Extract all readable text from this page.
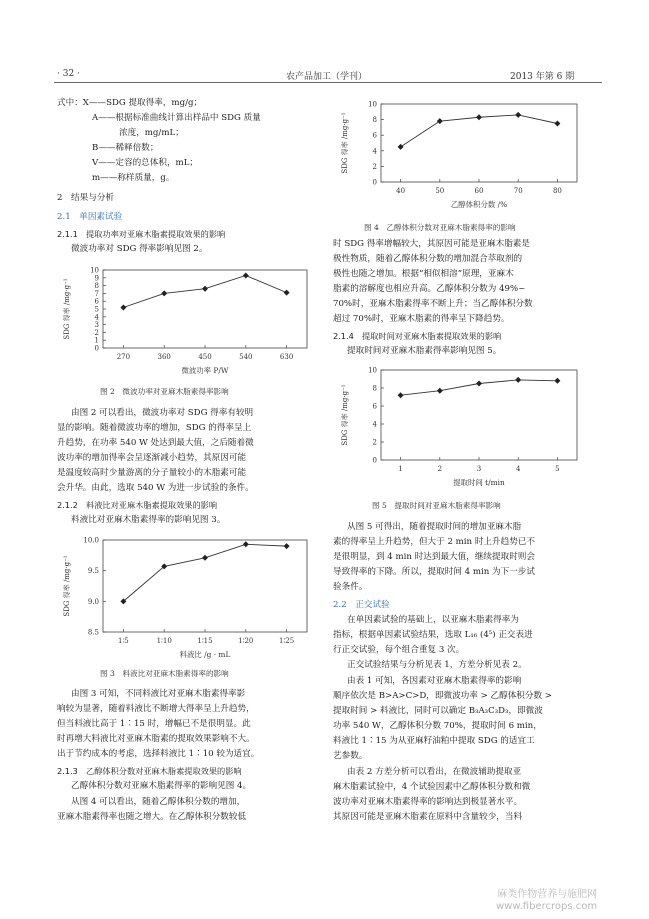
· 32 ·	农产品加工（学刊）	2013 年第 6 期
式中：X——SDG 提取得率，mg/g；
A——根据标准曲线计算出样品中 SDG 质量
浓度，mg/mL；
B——稀释倍数；
V——定容的总体积，mL；
m——称样质量，g。
2　结果与分析
2.1　单因素试验
2.1.1　提取功率对亚麻木脂素提取效果的影响
微波功率对 SDG 得率影响见图 2。
由图 2 可以看出，微波功率对 SDG 得率有较明
显的影响。随着微波功率的增加，SDG 的得率呈上
升趋势，在功率 540 W 处达到最大值，之后随着微
波功率的增加得率会呈逐渐减小趋势，其原因可能
是温度较高时少量游离的分子量较小的木脂素可能
会升华。由此，选取 540 W 为进一步试验的条件。
2.1.2　料液比对亚麻木脂素提取效果的影响
料液比对亚麻木脂素得率的影响见图 3。
由图 3 可知，不同料液比对亚麻木脂素得率影
响较为显著，随着料液比不断增大得率呈上升趋势，
但当料液比高于 1∶15 时，增幅已不是很明显。此
时再增大料液比对亚麻木脂素的提取效果影响不大。
出于节约成本的考虑，选择料液比 1∶10 较为适宜。
2.1.3　乙醇体积分数对亚麻木脂素提取效果的影响
乙醇体积分数对亚麻木脂素得率的影响见图 4。
从图 4 可以看出，随着乙醇体积分数的增加，
亚麻木脂素得率也随之增大。在乙醇体积分数较低
时 SDG 得率增幅较大，其原因可能是亚麻木脂素是
极性物质，随着乙醇体积分数的增加混合萃取剂的
极性也随之增加。根据“相似相溶”原理，亚麻木
脂素的溶解度也相应升高。乙醇体积分数为 49%~
70%时，亚麻木脂素得率不断上升；当乙醇体积分数
超过 70%时，亚麻木脂素的得率呈下降趋势。
2.1.4　提取时间对亚麻木脂素提取效果的影响
提取时间对亚麻木脂素得率影响见图 5。
从图 5 可得出，随着提取时间的增加亚麻木脂
素的得率呈上升趋势，但大于 2 min 时上升趋势已不
是很明显，到 4 min 时达到最大值，继续提取时则会
导致得率的下降。所以，提取时间 4 min 为下一步试
验条件。
2.2　正交试验
在单因素试验的基础上，以亚麻木脂素得率为
指标，根据单因素试验结果，选取 L₁₆ (4⁵) 正交表进
行正交试验，每个组合重复 3 次。
正交试验结果与分析见表 1，方差分析见表 2。
由表 1 可知，各因素对亚麻木脂素得率的影响
顺序依次是 B>A>C>D，即微波功率 > 乙醇体积分数 >
提取时间 > 料液比，同时可以确定 B₃A₃C₃D₃，即微波
功率 540 W，乙醇体积分数 70%，提取时间 6 min，
料液比 1∶15 为从亚麻籽油粕中提取 SDG 的适宜工
艺参数。
由表 2 方差分析可以看出，在微波辅助提取亚
麻木脂素试验中，4 个试验因素中乙醇体积分数和微
波功率对亚麻木脂素得率的影响达到极显著水平。
其原因可能是亚麻木脂素在原料中含量较少，当料
图 2　微波功率对亚麻木脂素得率影响
图 3　料液比对亚麻木脂素得率的影响
图 4　乙醇体积分数对亚麻木脂素得率的影响
图 5　提取时间对亚麻木脂素得率影响
0
2
4
6
8
10
40	50	60	70	80
乙醇体积分数 /%
SDG 得率 /mg·g⁻¹
0
1
2
3
4
5
6
7
8
9
10
270	360	450	540	630
微波功率 P/W
SDG 得率 /mg·g⁻¹
0
2
4
6
8
10
1	2	3	4	5
提取时间 t/min
SDG 得率 /mg·g⁻¹
8.5
9.0
9.5
10.0
1∶5	1∶10	1∶15	1∶20	1∶25
料液比 /g · mL
SDG 得率 /mg·g⁻¹
麻类作物营养与施肥网
www.fibercrops.com
